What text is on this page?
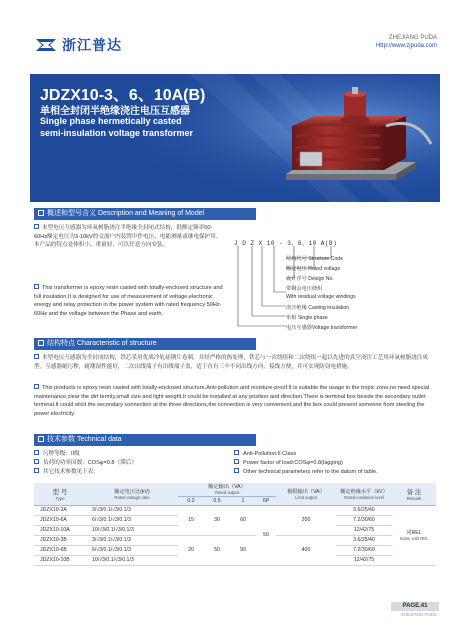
浙江普达	ZHEJIANG PUDA
Http://www.zjpuda.com
JDZX10-3、6、10A(B)
单相全封闭半绝缘浇注电压互感器
Single phase hermetically casted
semi-insulation voltage transformer
概述和型号含义 Description and Meaning of Model
本型电压互感器为环氧树脂浇注半绝缘全封闭式结构，供额定频率50-60Hz额定电压为3-10kV的交流户内装置中作电压、电能测量或继电保护用。本产品的特点是体积小、重量轻，可以任意方向安装。
This transformer is epoxy resin casted with totally-enclosed structure and full insulation.It is designed for use of measurement of voltage,electronic energy and relay protection in the power system with rated frequency 50Hz-60Hz and the voltage between the Phase and earth.
J D Z X 10 - 3、6、10 A(B)
结构代号 Structure Code
额定电压 Rated voltage
设计序号 Design No.
带剩余电压绕组
With residual voltage windings
浇注绝缘 Casting insulation
单相 Single phase
电压互感器Voltage transformer
结构特点 Characteristic of structure
本型电压互感器为全封闭结构，铁芯采用优质冷轧硅钢片卷制，并经严格的热处理，铁芯与一次绕组和二次绕组一起以先进的真空浇注工艺用环氧树脂浇注成型。互感器耐污秽，耐潮湿性能好，二次出线端子有出线端子盖，适于直有三个不同出线方向，接线方便，并可实现防窃电措施。
This products is epoxy resin casted with totally-enclosed structure.Anti-pollution and moisture-proof.It is suitable the usage in the tropic zone,no need special maintenance,clear the dirt termly,small size and light weight.It could be installed at any position and direction.There is terminal box beside the secondary outlet terminal.It could elicit the secondary connection at the three directions,the connection is very convenient,and the box could present someone from steeling the power electricity.
技术参数 Technical data
污秽等级：II级
负荷的功率因数：COSφ=0.8（滞后）
其它技术参数见下表：
Anti-Pollution:II Class
Power factor of load:COSφ=0.8(lagging)
Other technical parameters refer to the datum of table.
型 号
Type	额定电压比(kV)
Rated voltage ratio	额定输出（VA）
Rated output				极限输出（VA）
Limit output	额定绝缘水平（kV）
Rated insulation level	备 注
Remark

		0.2	0.5	1	6P			
JDZX10-3A	3/√3/0.1/√3/0.1/3	15	30	60	50	200	3.6/25/40	同REL
Same with REL

JDZX10-6A	6/√3/0.1/√3/0.1/3						7.2/30/60	
JDZX10-10A	10/√3/0.1/√3/0.1/3						12/42/75	
JDZX10-3B	3/√3/0.1/√3/0.1/3	20	50	90		400	3.6/25/40	
JDZX10-6B	6/√3/0.1/√3/0.1/3						7.2/30/60	
JDZX10-10B	10/√3/0.1/√3/0.1/3						12/42/75	
PAGE.41
ZHEJIANG PUDA
